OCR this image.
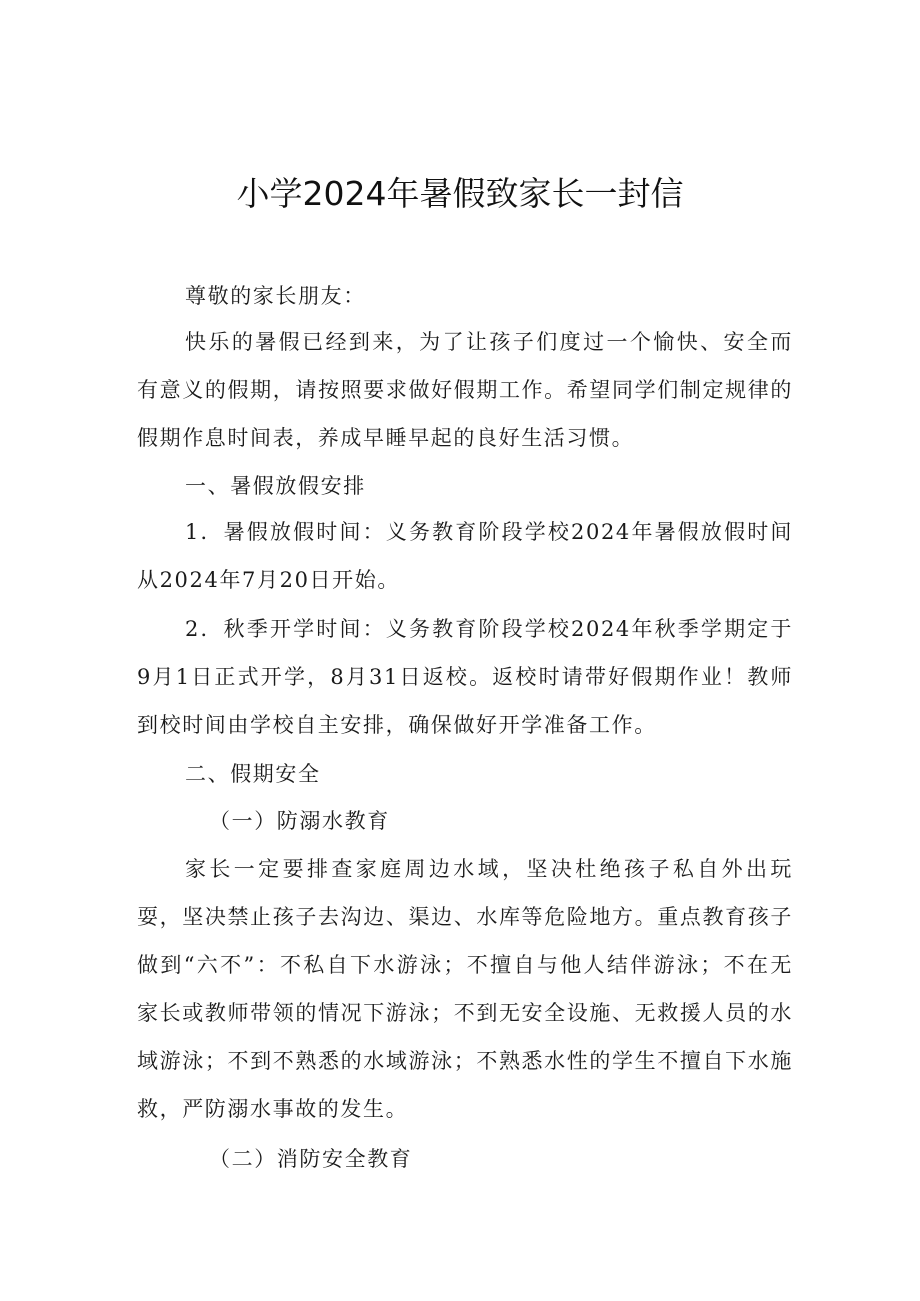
小学2024年暑假致家长一封信

尊敬的家长朋友：

快乐的暑假已经到来，为了让孩子们度过一个愉快、安全而有意义的假期，请按照要求做好假期工作。希望同学们制定规律的假期作息时间表，养成早睡早起的良好生活习惯。

一、暑假放假安排

1．暑假放假时间：义务教育阶段学校2024年暑假放假时间从2024年7月20日开始。

2．秋季开学时间：义务教育阶段学校2024年秋季学期定于9月1日正式开学，8月31日返校。返校时请带好假期作业！教师到校时间由学校自主安排，确保做好开学准备工作。

二、假期安全

（一）防溺水教育

家长一定要排查家庭周边水域，坚决杜绝孩子私自外出玩耍，坚决禁止孩子去沟边、渠边、水库等危险地方。重点教育孩子做到“六不”：不私自下水游泳；不擅自与他人结伴游泳；不在无家长或教师带领的情况下游泳；不到无安全设施、无救援人员的水域游泳；不到不熟悉的水域游泳；不熟悉水性的学生不擅自下水施救，严防溺水事故的发生。

（二）消防安全教育
